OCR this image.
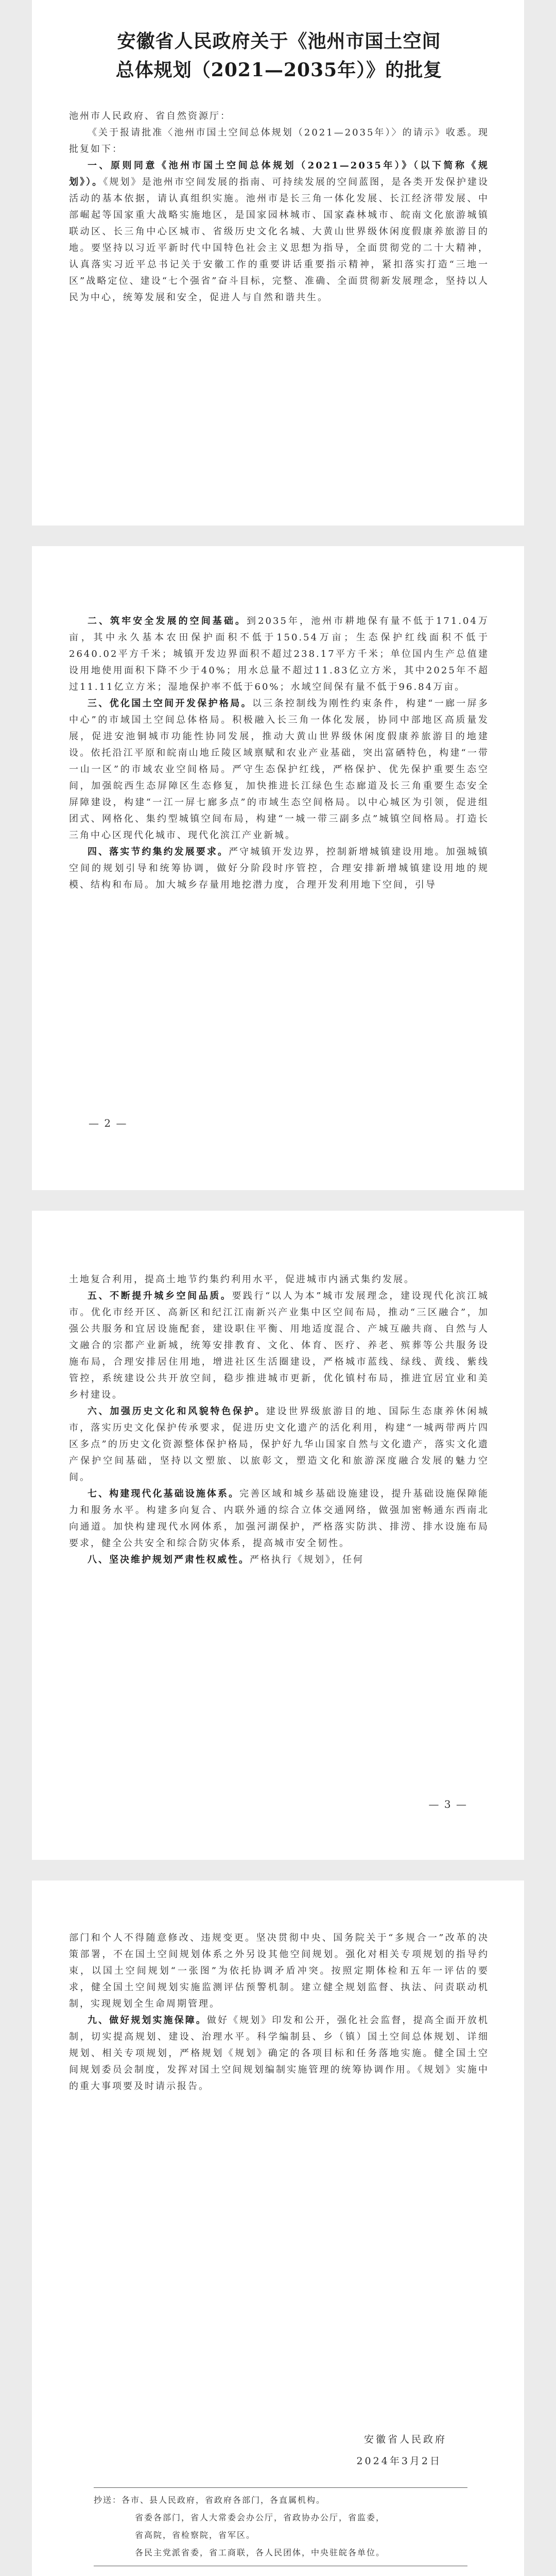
安徽省人民政府关于《池州市国土空间
总体规划（2021—2035年）》的批复

池州市人民政府、省自然资源厅：

《关于报请批准〈池州市国土空间总体规划（2021—2035年）〉的请示》收悉。现批复如下：

一、原则同意《池州市国土空间总体规划（2021—2035年）》（以下简称《规划》）。《规划》是池州市空间发展的指南、可持续发展的空间蓝图，是各类开发保护建设活动的基本依据，请认真组织实施。池州市是长三角一体化发展、长江经济带发展、中部崛起等国家重大战略实施地区，是国家园林城市、国家森林城市、皖南文化旅游城镇联动区、长三角中心区城市、省级历史文化名城、大黄山世界级休闲度假康养旅游目的地。要坚持以习近平新时代中国特色社会主义思想为指导，全面贯彻党的二十大精神，认真落实习近平总书记关于安徽工作的重要讲话重要指示精神，紧扣落实打造“三地一区”战略定位、建设“七个强省”奋斗目标，完整、准确、全面贯彻新发展理念，坚持以人民为中心，统筹发展和安全，促进人与自然和谐共生。

二、筑牢安全发展的空间基础。到2035年，池州市耕地保有量不低于171.04万亩，其中永久基本农田保护面积不低于150.54万亩；生态保护红线面积不低于2640.02平方千米；城镇开发边界面积不超过238.17平方千米；单位国内生产总值建设用地使用面积下降不少于40%；用水总量不超过11.83亿立方米，其中2025年不超过11.11亿立方米；湿地保护率不低于60%；水域空间保有量不低于96.84万亩。

三、优化国土空间开发保护格局。以三条控制线为刚性约束条件，构建“一廊一屏多中心”的市域国土空间总体格局。积极融入长三角一体化发展，协同中部地区高质量发展，促进安池铜城市功能性协同发展，推动大黄山世界级休闲度假康养旅游目的地建设。依托沿江平原和皖南山地丘陵区域禀赋和农业产业基础，突出富硒特色，构建“一带一山一区”的市域农业空间格局。严守生态保护红线，严格保护、优先保护重要生态空间，加强皖西生态屏障区生态修复，加快推进长江绿色生态廊道及长三角重要生态安全屏障建设，构建“一江一屏七廊多点”的市域生态空间格局。以中心城区为引领，促进组团式、网格化、集约型城镇空间布局，构建“一城一带三副多点”城镇空间格局。打造长三角中心区现代化城市、现代化滨江产业新城。

四、落实节约集约发展要求。严守城镇开发边界，控制新增城镇建设用地。加强城镇空间的规划引导和统筹协调，做好分阶段时序管控，合理安排新增城镇建设用地的规模、结构和布局。加大城乡存量用地挖潜力度，合理开发利用地下空间，引导

— 2 —

土地复合利用，提高土地节约集约利用水平，促进城市内涵式集约发展。

五、不断提升城乡空间品质。要践行“以人为本”城市发展理念，建设现代化滨江城市。优化市经开区、高新区和纪江江南新兴产业集中区空间布局，推动“三区融合”，加强公共服务和宜居设施配套，建设职住平衡、用地适度混合、产城互融共商、自然与人文融合的宗都产业新城，统筹安排教育、文化、体育、医疗、养老、殡葬等公共服务设施布局，合理安排居住用地，增进社区生活圈建设，严格城市蓝线、绿线、黄线、紫线管控，系统建设公共开放空间，稳步推进城市更新，优化镇村布局，推进宜居宜业和美乡村建设。

六、加强历史文化和风貌特色保护。建设世界级旅游目的地、国际生态康养休闲城市，落实历史文化保护传承要求，促进历史文化遗产的活化利用，构建“一城两带两片四区多点”的历史文化资源整体保护格局，保护好九华山国家自然与文化遗产，落实文化遗产保护空间基础，坚持以文塑旅、以旅彰文，塑造文化和旅游深度融合发展的魅力空间。

七、构建现代化基础设施体系。完善区域和城乡基础设施建设，提升基础设施保障能力和服务水平。构建多向复合、内联外通的综合立体交通网络，做强加密畅通东西南北向通道。加快构建现代水网体系，加强河湖保护，严格落实防洪、排涝、排水设施布局要求，健全公共安全和综合防灾体系，提高城市安全韧性。

八、坚决维护规划严肃性权威性。严格执行《规划》，任何

— 3 —

部门和个人不得随意修改、违规变更。坚决贯彻中央、国务院关于“多规合一”改革的决策部署，不在国土空间规划体系之外另设其他空间规划。强化对相关专项规划的指导约束，以国土空间规划“一张图”为依托协调矛盾冲突。按照定期体检和五年一评估的要求，健全国土空间规划实施监测评估预警机制。建立健全规划监督、执法、问责联动机制，实现规划全生命周期管理。

九、做好规划实施保障。做好《规划》印发和公开，强化社会监督，提高全面开放机制，切实提高规划、建设、治理水平。科学编制县、乡（镇）国土空间总体规划、详细规划、相关专项规划，严格规划《规划》确定的各项目标和任务落地实施。健全国土空间规划委员会制度，发挥对国土空间规划编制实施管理的统筹协调作用。《规划》实施中的重大事项要及时请示报告。

安徽省人民政府

2024年3月2日

抄送：各市、县人民政府，省政府各部门，各直属机构。
省委各部门，省人大常委会办公厅，省政协办公厅，省监委，
省高院，省检察院，省军区。
各民主党派省委，省工商联，各人民团体，中央驻皖各单位。
